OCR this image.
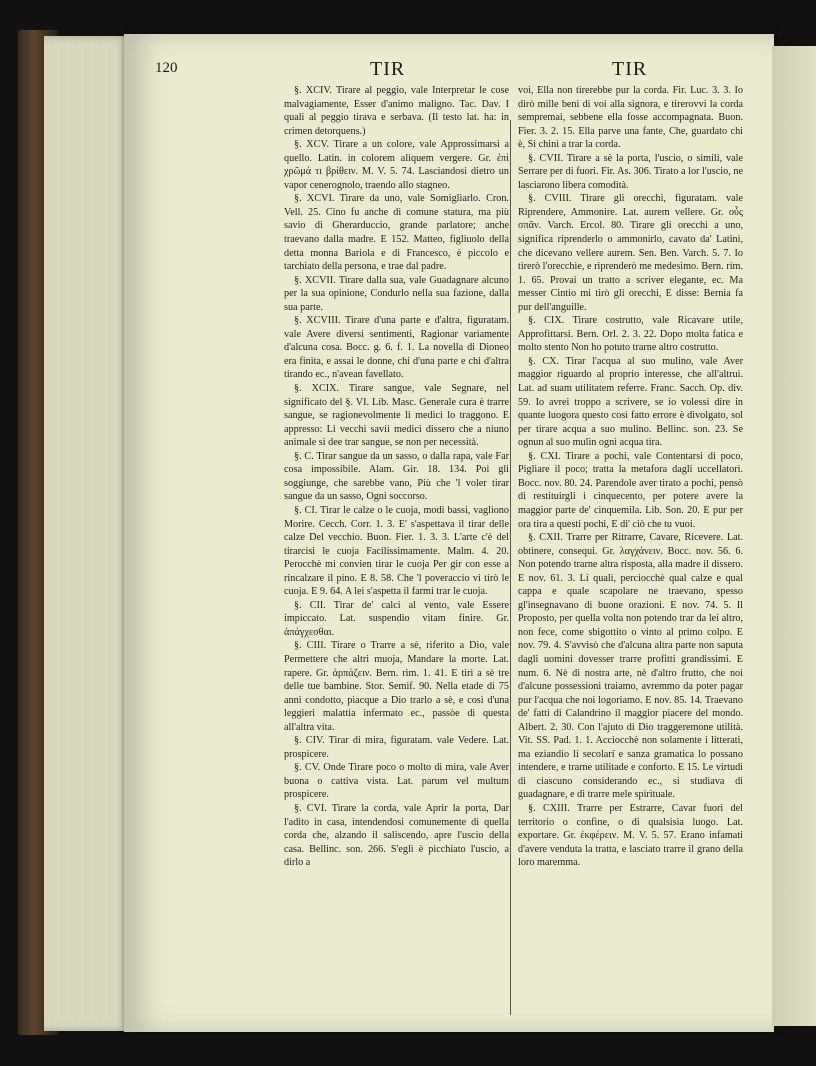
120	TIR	TIR

§. XCIV. Tirare al peggio, vale Interpretar le cose malvagiamente, Esser d'animo maligno. Tac. Dav. I quali al peggio tirava e serbava. (Il testo lat. ha: in crimen detorquens.)

§. XCV. Tirare a un colore, vale Approssimarsi a quello. Latin. in colorem aliquem vergere. Gr. ἐπὶ χρῶμά τι βρίθειν. M. V. 5. 74. Lasciandosi dietro un vapor cenerognolo, traendo allo stagneo.

§. XCVI. Tirare da uno, vale Somigliarlo. Cron. Vell. 25. Cino fu anche di comune statura, ma più savio di Gherarduccio, grande parlatore; anche traevano dalla madre. E 152. Matteo, figliuolo della detta monna Bariola e di Francesco, è piccolo e tarchiato della persona, e trae dal padre.

§. XCVII. Tirare dalla sua, vale Guadagnare alcuno per la sua opinione, Condurlo nella sua fazione, dalla sua parte.

§. XCVIII. Tirare d'una parte e d'altra, figuratam. vale Avere diversi sentimenti, Ragionar variamente d'alcuna cosa. Bocc. g. 6. f. 1. La novella di Dioneo era finita, e assai le donne, chi d'una parte e chi d'altra tirando ec., n'avean favellato.

§. XCIX. Tirare sangue, vale Segnare, nel significato del §. VI. Lib. Masc. Generale cura è trarre sangue, se ragionevolmente li medici lo traggono. E appresso: Li vecchi savii medici dissero che a niuno animale si dee trar sangue, se non per necessità.

§. C. Tirar sangue da un sasso, o dalla rapa, vale Far cosa impossibile. Alam. Gir. 18. 134. Poi gli soggiunge, che sarebbe vano, Più che 'l voler tirar sangue da un sasso, Ogni soccorso.

§. CI. Tirar le calze o le cuoja, modi bassi, vagliono Morire. Cecch. Corr. 1. 3. E' s'aspettava il tirar delle calze Del vecchio. Buon. Fier. 1. 3. 3. L'arte c'è del tirarcisi le cuoja Facilissimamente. Malm. 4. 20. Perocchè mi convien tirar le cuoja Per gir con esse a rincalzare il pino. E 8. 58. Che 'l poveraccio vi tirò le cuoja. E 9. 64. A lei s'aspetta il farmi trar le cuoja.

§. CII. Tirar de' calci al vento, vale Essere impiccato. Lat. suspendio vitam finire. Gr. ἀπάγχεσθαι.

§. CIII. Tirare o Trarre a sè, riferito a Dio, vale Permettere che altri muoja, Mandare la morte. Lat. rapere. Gr. ἁρπάζειν. Bern. rim. 1. 41. E tirì a sè tre delle tue bambine. Stor. Semif. 90. Nella etade di 75 anni condotto, piacque a Dio trarlo a sè, e così d'una leggieri malattia infermato ec., passòe di questa all'altra vita.

§. CIV. Tirar di mira, figuratam. vale Vedere. Lat. prospicere.

§. CV. Onde Tirare poco o molto di mira, vale Aver buona o cattiva vista. Lat. parum vel multum prospicere.

§. CVI. Tirare la corda, vale Aprir la porta, Dar l'adito in casa, intendendosi comunemente di quella corda che, alzando il saliscendo, apre l'uscio della casa. Bellinc. son. 266. S'egli è picchiato l'uscio, a dirlo a

voi, Ella non tirerebbe pur la corda. Fir. Luc. 3. 3. Io dirò mille beni di voi alla signora, e tirerovvi la corda sempremai, sebbene ella fosse accompagnata. Buon. Fier. 3. 2. 15. Ella parve una fante, Che, guardato chi è, Si chinì a trar la corda.

§. CVII. Tirare a sè la porta, l'uscio, o simili, vale Serrare per di fuori. Fir. As. 306. Tirato a lor l'uscio, ne lasciarono libera comodità.

§. CVIII. Tirare gli orecchi, figuratam. vale Riprendere, Ammonire. Lat. aurem vellere. Gr. οὖς σπᾶν. Varch. Ercol. 80. Tirare gli orecchi a uno, significa riprenderlo o ammonirlo, cavato da' Latini, che dicevano vellere aurem. Sen. Ben. Varch. 5. 7. Io tirerò l'orecchie, e riprenderò me medesimo. Bern. rim. 1. 65. Provai un tratto a scriver elegante, ec. Ma messer Cintio mi tirò gli orecchi, E disse: Bernia fa pur dell'anguille.

§. CIX. Tirare costrutto, vale Ricavare utile, Approfittarsi. Bern. Orl. 2. 3. 22. Dopo molta fatica e molto stento Non ho potuto trarne altro costrutto.

§. CX. Tirar l'acqua al suo mulino, vale Aver maggior riguardo al proprio interesse, che all'altrui. Lat. ad suam utilitatem referre. Franc. Sacch. Op. div. 59. Io avrei troppo a scrivere, se io volessi dire in quante luogora questo così fatto errore è divolgato, sol per tirare acqua a suo mulino. Bellinc. son. 23. Se ognun al suo mulin ogni acqua tira.

§. CXI. Tirare a pochi, vale Contentarsi di poco, Pigliare il poco; tratta la metafora dagli uccellatori. Bocc. nov. 80. 24. Parendole aver tirato a pochi, pensò di restituirgli i cinquecento, per potere avere la maggior parte de' cinquemila. Lib. Son. 20. E pur per ora tira a questi pochi, E di' ciò che tu vuoi.

§. CXII. Trarre per Ritrarre, Cavare, Ricevere. Lat. obtinere, consequi. Gr. λαγχάνειν. Bocc. nov. 56. 6. Non potendo trarne altra risposta, alla madre il dissero. E nov. 61. 3. Li quali, perciocchè qual calze e qual cappa e quale scapolare ne traevano, spesso gl'insegnavano di buone orazioni. E nov. 74. 5. Il Proposto, per quella volta non potendo trar da lei altro, non fece, come sbigottito o vinto al primo colpo. E nov. 79. 4. S'avvisò che d'alcuna altra parte non saputa dagli uomini dovesser trarre profitti grandissimi. E num. 6. Nè di nostra arte, nè d'altro frutto, che noi d'alcune possessioni traiamo, avremmo da poter pagar pur l'acqua che noi logoriamo. E nov. 85. 14. Traevano de' fatti di Calandrino il maggior piacere del mondo. Albert. 2. 30. Con l'ajuto di Dio traggeremone utilità. Vit. SS. Pad. 1. 1. Acciocchè non solamente i litterati, ma eziandio li secolari e sanza gramatica lo possano intendere, e trarne utilitade e conforto. E 15. Le virtudi di ciascuno considerando ec., si studiava di guadagnare, e di trarre mele spirituale.

§. CXIII. Trarre per Estrarre, Cavar fuori del territorio o confine, o di qualsisia luogo. Lat. exportare. Gr. ἐκφέρειν. M. V. 5. 57. Erano infamati d'avere venduta la tratta, e lasciato trarre il grano della loro maremma.
